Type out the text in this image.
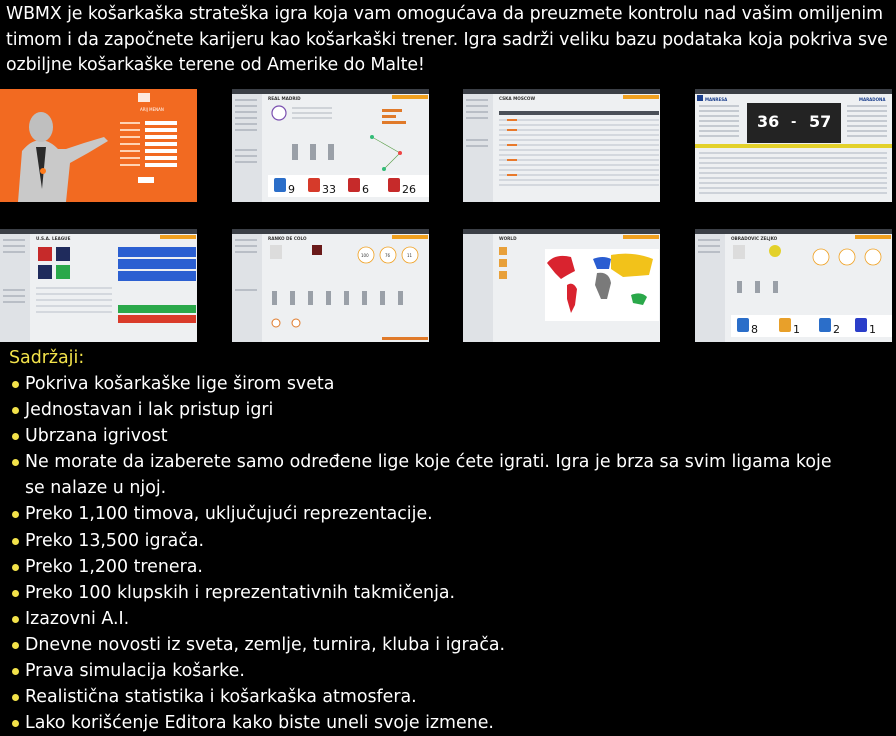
WBMX je košarkaška strateška igra koja vam omogućava da preuzmete kontrolu nad vašim omiljenim timom i da započnete karijeru kao košarkaški trener. Igra sadrži veliku bazu podataka koja pokriva sve ozbiljne košarkaške terene od Amerike do Malte!
ARIJ MENAN
REAL MADRID
9 33 6	26
CSKA MOSCOW	MANRESA	MARADONA
36 - 57
U.S.A. LEAGUE	RANKO DE COLO
100	76	11
WORLD	OBRADOVIC ZELJKO
8	1	2	1
Sadržaji:
Pokriva košarkaške lige širom sveta
Jednostavan i lak pristup igri
Ubrzana igrivost
Ne morate da izaberete samo određene lige koje ćete igrati. Igra je brza sa svim ligama koje se nalaze u njoj.
Preko 1,100 timova, uključujući reprezentacije.
Preko 13,500 igrača.
Preko 1,200 trenera.
Preko 100 klupskih i reprezentativnih takmičenja.
Izazovni A.I.
Dnevne novosti iz sveta, zemlje, turnira, kluba i igrača.
Prava simulacija košarke.
Realistična statistika i košarkaška atmosfera.
Lako korišćenje Editora kako biste uneli svoje izmene.
